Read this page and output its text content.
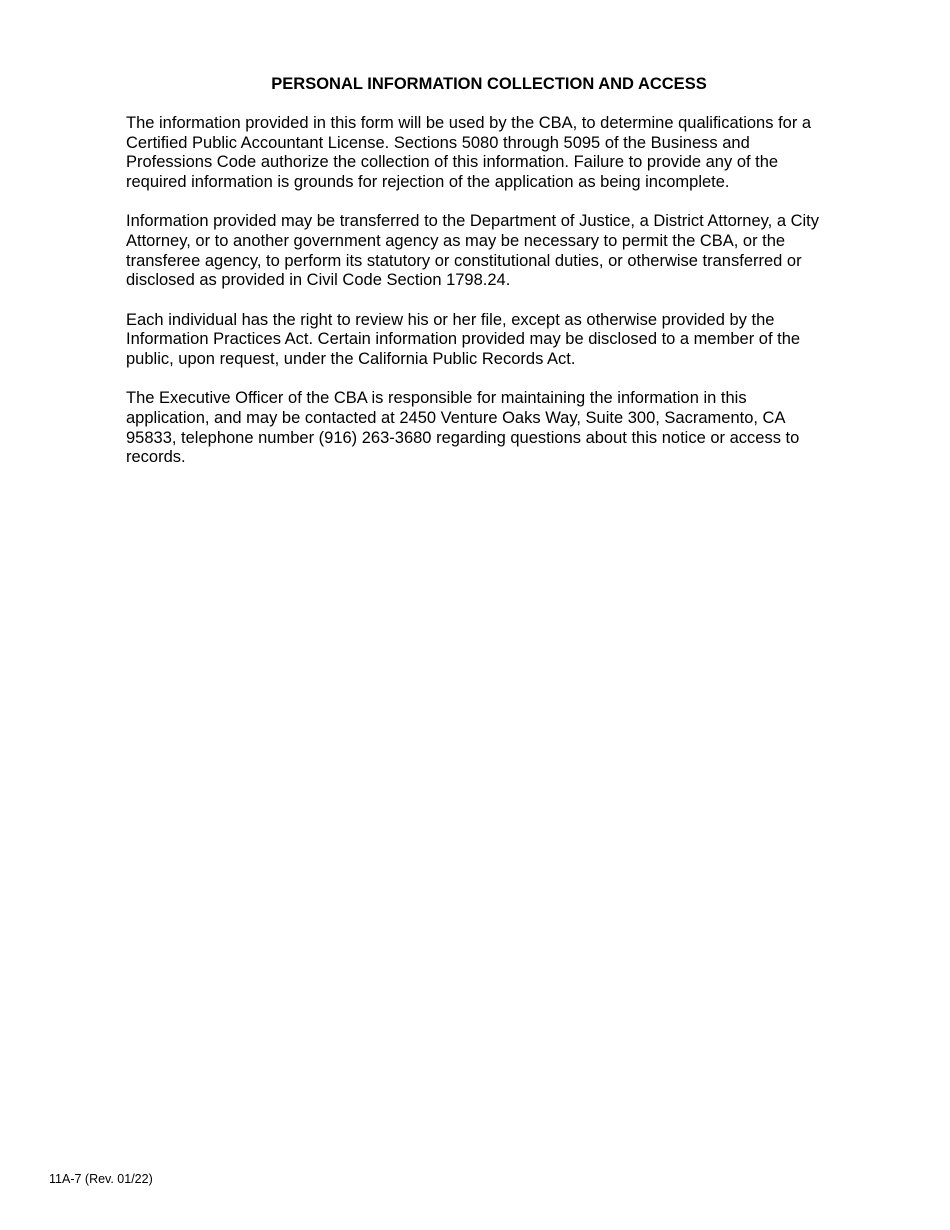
PERSONAL INFORMATION COLLECTION AND ACCESS

The information provided in this form will be used by the CBA, to determine qualifications for a
Certified Public Accountant License. Sections 5080 through 5095 of the Business and
Professions Code authorize the collection of this information. Failure to provide any of the
required information is grounds for rejection of the application as being incomplete.

Information provided may be transferred to the Department of Justice, a District Attorney, a City
Attorney, or to another government agency as may be necessary to permit the CBA, or the
transferee agency, to perform its statutory or constitutional duties, or otherwise transferred or
disclosed as provided in Civil Code Section 1798.24.

Each individual has the right to review his or her file, except as otherwise provided by the
Information Practices Act. Certain information provided may be disclosed to a member of the
public, upon request, under the California Public Records Act.

The Executive Officer of the CBA is responsible for maintaining the information in this
application, and may be contacted at 2450 Venture Oaks Way, Suite 300, Sacramento, CA
95833, telephone number (916) 263-3680 regarding questions about this notice or access to
records.

11A-7 (Rev. 01/22)
